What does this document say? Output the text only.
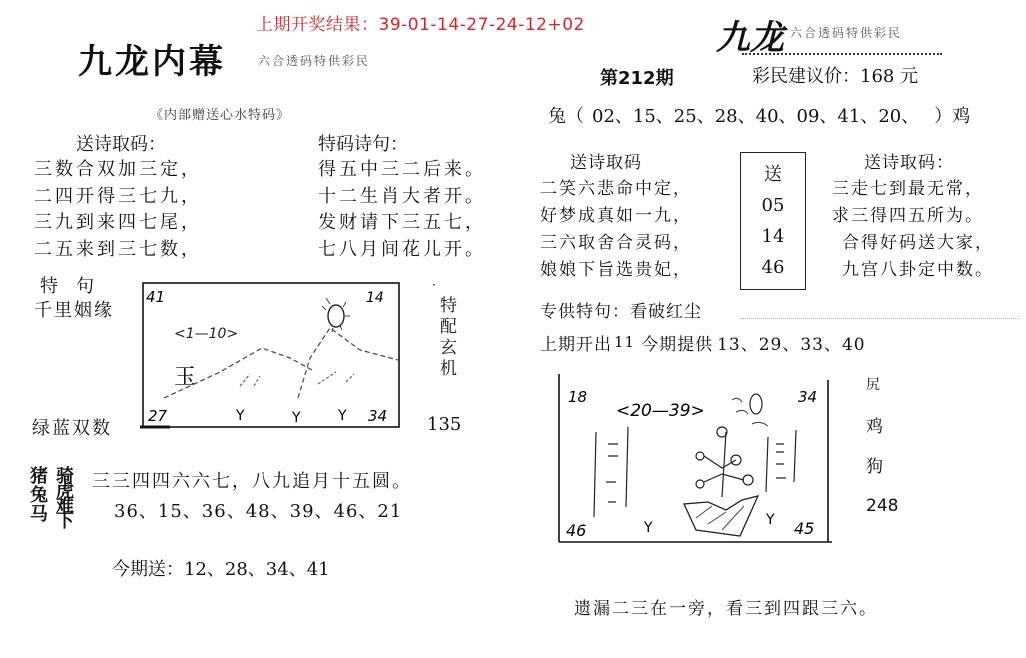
上期开奖结果：39-01-14-27-24-12+02
九龙内幕	六合透码特供彩民
九龙 六合透码特供彩民
第212期	彩民建议价：168 元
《内部赠送心水特码》
送诗取码：
三数合双加三定，
二四开得三七九，
三九到来四七尾，
二五来到三七数，
特码诗句：
得五中三二后来。
十二生肖大者开。
发财请下三五七，
七八月间花儿开。
特　句
千里姻缘
绿蓝双数
41	14
27	34
<1—10>
玉
Y	Y	Y
特配玄机
·
135
猪兔马 骑虎难下 三三四四六六七，八九追月十五圆。
36、15、36、48、39、46、21
今期送：12、28、34、41
兔（ 02、15、25、28、40、09、41、20、 ）鸡
送诗取码
二笑六悲命中定，
好梦成真如一九，
三六取舍合灵码，
娘娘下旨选贵妃，
送
05
14
46
送诗取码：
三走七到最无常，
求三得四五所为。
合得好码送大家，
九宫八卦定中数。
专供特句：看破红尘
上期开出 11 今期提供 13、29、33、40
18	34
46	45
<20—39>
Y	Y
尻
鸡
狗
248
遗漏二三在一旁，看三到四跟三六。
